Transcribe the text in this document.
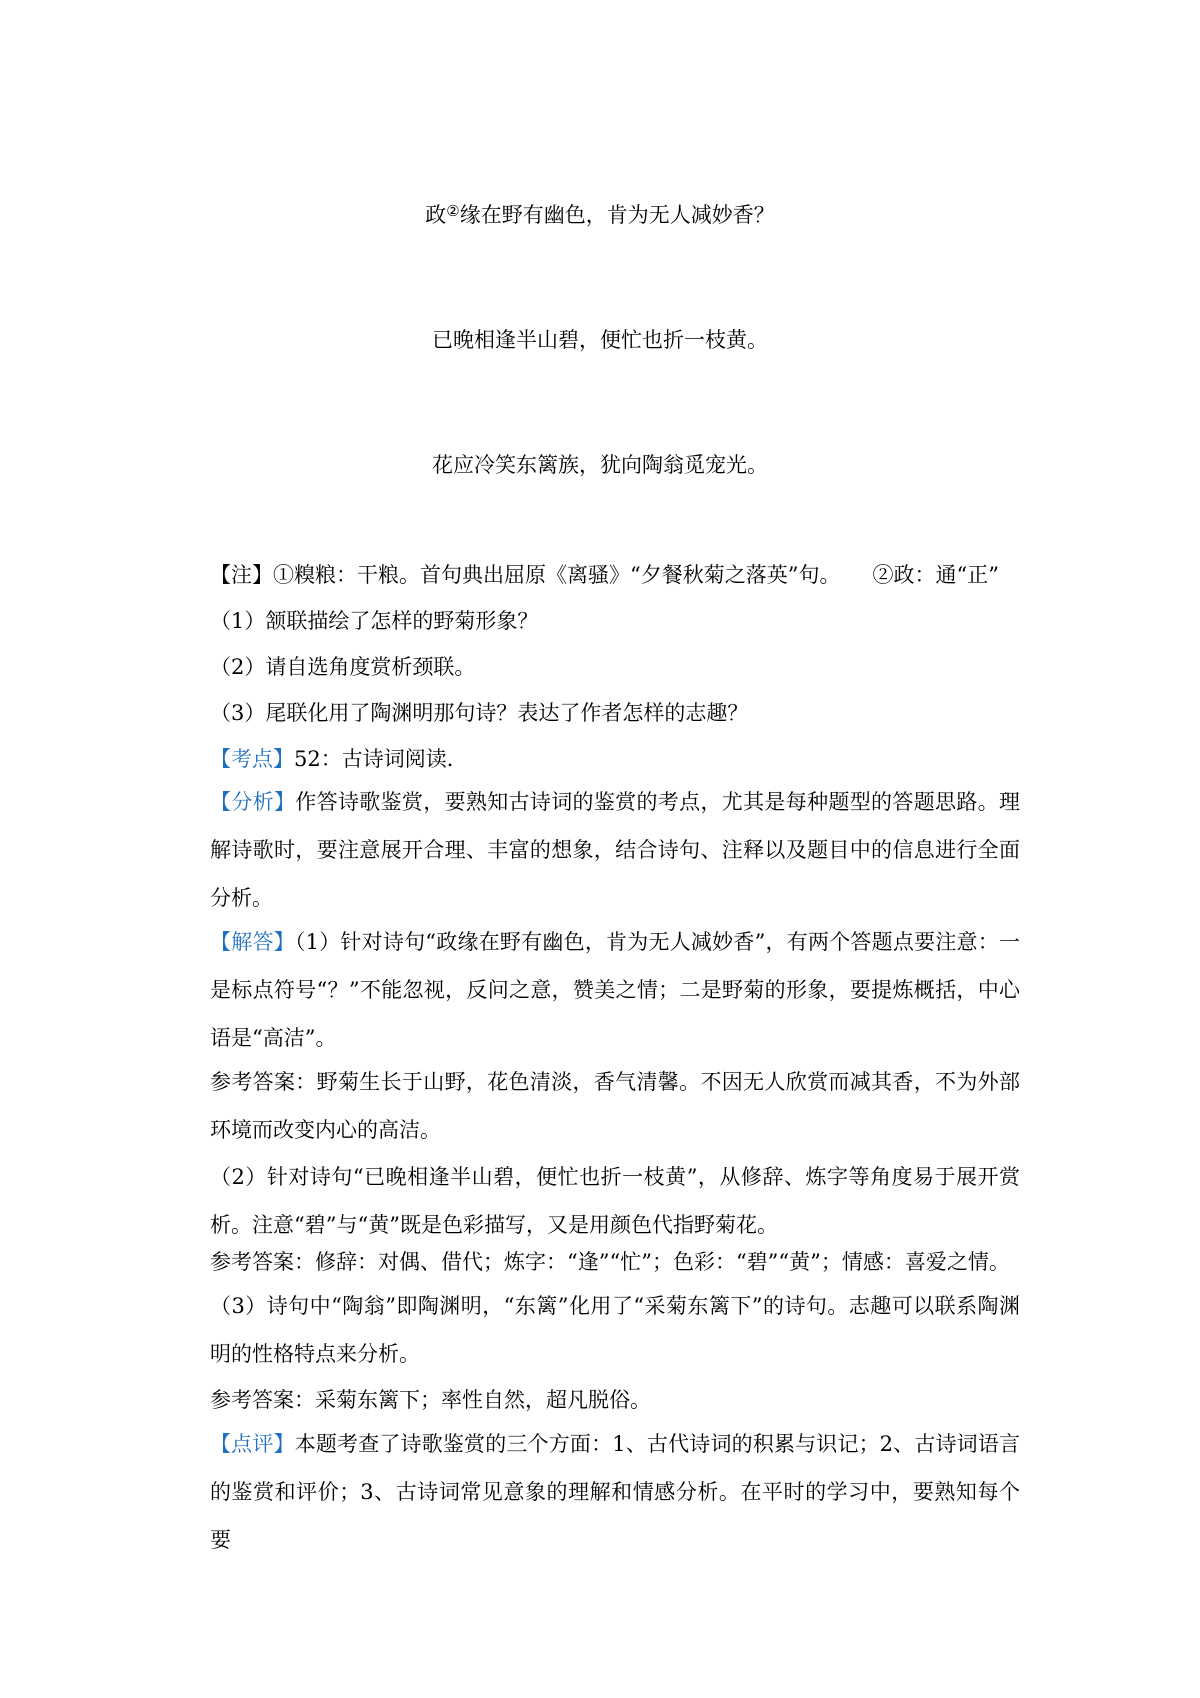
政②缘在野有幽色，肯为无人减妙香？
已晚相逢半山碧，便忙也折一枝黄。
花应冷笑东篱族，犹向陶翁觅宠光。
【注】①糗粮：干粮。首句典出屈原《离骚》“夕餐秋菊之落英”句。 ②政：通“正”
（1）颔联描绘了怎样的野菊形象？
（2）请自选角度赏析颈联。
（3）尾联化用了陶渊明那句诗？表达了作者怎样的志趣？
【考点】52：古诗词阅读．
【分析】作答诗歌鉴赏，要熟知古诗词的鉴赏的考点，尤其是每种题型的答题思路。理解诗歌时，要注意展开合理、丰富的想象，结合诗句、注释以及题目中的信息进行全面分析。
【解答】（1）针对诗句“政缘在野有幽色，肯为无人减妙香”，有两个答题点要注意：一是标点符号“？”不能忽视，反问之意，赞美之情；二是野菊的形象，要提炼概括，中心语是“高洁”。
参考答案：野菊生长于山野，花色清淡，香气清馨。不因无人欣赏而减其香，不为外部环境而改变内心的高洁。
（2）针对诗句“已晚相逢半山碧，便忙也折一枝黄”，从修辞、炼字等角度易于展开赏析。注意“碧”与“黄”既是色彩描写，又是用颜色代指野菊花。
参考答案：修辞：对偶、借代；炼字：“逢”“忙”；色彩：“碧”“黄”；情感：喜爱之情。
（3）诗句中“陶翁”即陶渊明，“东篱”化用了“采菊东篱下”的诗句。志趣可以联系陶渊明的性格特点来分析。
参考答案：采菊东篱下；率性自然，超凡脱俗。
【点评】本题考查了诗歌鉴赏的三个方面：1、古代诗词的积累与识记；2、古诗词语言的鉴赏和评价；3、古诗词常见意象的理解和情感分析。在平时的学习中，要熟知每个要
